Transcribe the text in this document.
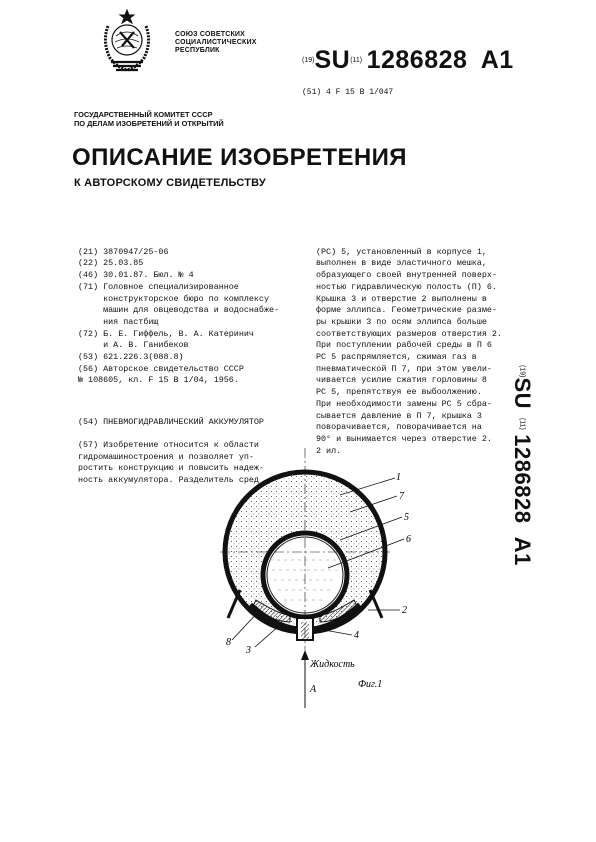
СОЮЗ СОВЕТСКИХ
СОЦИАЛИСТИЧЕСКИХ
РЕСПУБЛИК
(19)SU(11) 1286828 A1
(51) 4 F 15 B 1/047
ГОСУДАРСТВЕННЫЙ КОМИТЕТ СССР
ПО ДЕЛАМ ИЗОБРЕТЕНИЙ И ОТКРЫТИЙ
ОПИСАНИЕ ИЗОБРЕТЕНИЯ
К АВТОРСКОМУ СВИДЕТЕЛЬСТВУ

(21) 3870947/25-06
(22) 25.03.85
(46) 30.01.87. Бюл. № 4
(71) Головное специализированное
конструкторское бюро по комплексу
машин для овцеводства и водоснабже-
ния пастбищ
(72) Б. Е. Гиффель, В. А. Катеринич
и А. В. Ганибеков
(53) 621.226.3(088.8)
(56) Авторское свидетельство СССР
№ 108605, кл. F 15 B 1/04, 1956.

(54) ПНЕВМОГИДРАВЛИЧЕСКИЙ АККУМУЛЯТОР

(57) Изобретение относится к области
гидромашиностроения и позволяет уп-
ростить конструкцию и повысить надеж-
ность аккумулятора. Разделитель сред

(РС) 5, установленный в корпусе 1,
выполнен в виде эластичного мешка,
образующего своей внутренней поверх-
ностью гидравлическую полость (П) 6.
Крышка 3 и отверстие 2 выполнены в
форме эллипса. Геометрические разме-
ры крышки 3 по осям эллипса больше
соответствующих размеров отверстия 2.
При поступлении рабочей среды в П 6
РС 5 распрямляется, сжимая газ в
пневматической П 7, при этом увели-
чивается усилие сжатия горловины 8
РС 5, препятствуя ее выбоолжению.
При необходимости замены РС 5 сбра-
сывается давление в П 7, крышка 3
поворачивается, поворачивается на
90° и вынимается через отверстие 2.
2 ил.

(19)SU  (11) 1286828   A1
1
7
5
6
2
4
3
8
Жидкость
А	Фиг.1
